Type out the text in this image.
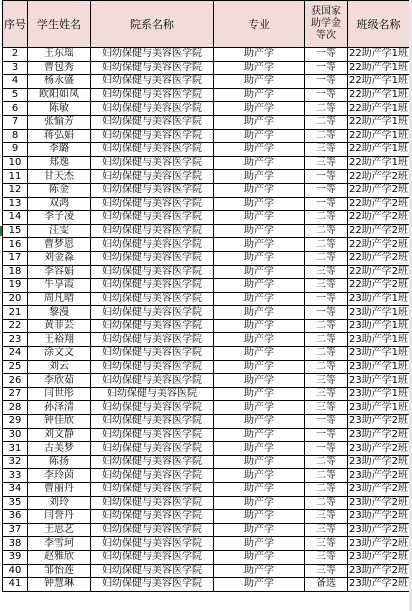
序号	学生姓名	院系名称	专业	获国家
助学金
等次	班级名称
2	王东瑶	妇幼保健与美容医学院	助产学	一等	22助产学1班
3	曹包秀	妇幼保健与美容医学院	助产学	一等	22助产学1班
4	杨永盛	妇幼保健与美容医学院	助产学	一等	22助产学1班
5	欧阳如凤	妇幼保健与美容医学院	助产学	一等	22助产学1班
6	陈敏	妇幼保健与美容医学院	助产学	二等	22助产学1班
7	张愉芳	妇幼保健与美容医学院	助产学	二等	22助产学1班
8	蒋弘娟	妇幼保健与美容医学院	助产学	二等	22助产学1班
9	李璐	妇幼保健与美容医学院	助产学	三等	22助产学1班
10	郑逸	妇幼保健与美容医学院	助产学	三等	22助产学1班
11	甘天杰	妇幼保健与美容医学院	助产学	一等	22助产学2班
12	陈金	妇幼保健与美容医学院	助产学	一等	22助产学2班
13	双鸿	妇幼保健与美容医学院	助产学	一等	22助产学2班
14	李子凌	妇幼保健与美容医学院	助产学	二等	22助产学2班
15	汪雯	妇幼保健与美容医学院	助产学	二等	22助产学2班
16	曹梦恩	妇幼保健与美容医学院	助产学	二等	22助产学2班
17	刘金淼	妇幼保健与美容医学院	助产学	二等	22助产学2班
18	李容娟	妇幼保健与美容医学院	助产学	三等	22助产学2班
19	牛享霞	妇幼保健与美容医学院	助产学	三等	22助产学2班
20	周凡晴	妇幼保健与美容医学院	助产学	一等	23助产学1班
21	黎漫	妇幼保健与美容医学院	助产学	一等	23助产学1班
22	黄菲芸	妇幼保健与美容医学院	助产学	二等	23助产学1班
23	王裕翔	妇幼保健与美容医学院	助产学	二等	23助产学1班
24	涂文文	妇幼保健与美容医学院	助产学	二等	23助产学1班
25	刘云	妇幼保健与美容医学院	助产学	二等	23助产学1班
26	李欣茹	妇幼保健与美容医学院	助产学	三等	23助产学1班
27	闫世彤	妇幼保健与美容医院	助产学	三等	23助产学1班
28	孙泽清	妇幼保健与美容医学院	助产学	三等	23助产学1班
29	钟佳欣	妇幼保健与美容医学院	助产学	一等	23助产学2班
30	刘文静	妇幼保健与美容医学院	助产学	一等	23助产学2班
31	古美梦	妇幼保健与美容医学院	助产学	一等	23助产学2班
32	陈扬	妇幼保健与美容医学院	助产学	二等	23助产学2班
33	李玲茵	妇幼保健与美容医学院	助产学	二等	23助产学2班
34	曹丽丹	妇幼保健与美容医学院	助产学	二等	23助产学2班
35	刘玲	妇幼保健与美容医学院	助产学	二等	23助产学2班
36	闫誉丹	妇幼保健与美容医学院	助产学	三等	23助产学2班
37	王思艺	妇幼保健与美容医学院	助产学	三等	23助产学2班
38	李雪珂	妇幼保健与美容医学院	助产学	三等	23助产学2班
39	赵雅欣	妇幼保健与美容医学院	助产学	三等	23助产学2班
40	邹怡莲	妇幼保健与美容医学院	助产学	三等	23助产学2班
41	钟慧琳	妇幼保健与美容医学院	助产学	备选	23助产学2班
